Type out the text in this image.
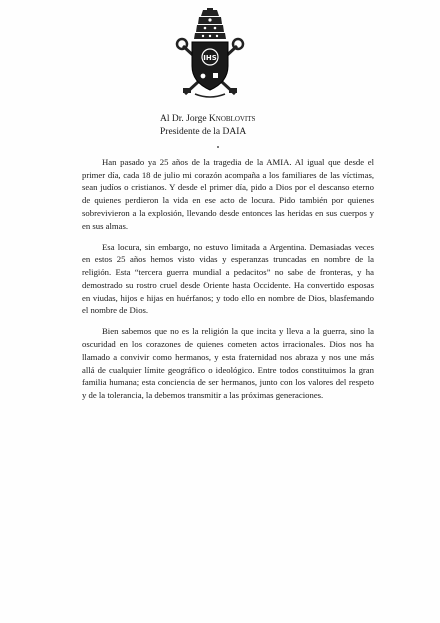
IHS
Al Dr. Jorge Knoblovits
Presidente de la DAIA

Han pasado ya 25 años de la tragedia de la AMIA. Al igual que desde el primer día, cada 18 de julio mi corazón acompaña a los familiares de las víctimas, sean judíos o cristianos. Y desde el primer día, pido a Dios por el descanso eterno de quienes perdieron la vida en ese acto de locura. Pido también por quienes sobrevivieron a la explosión, llevando desde entonces las heridas en sus cuerpos y en sus almas.

Esa locura, sin embargo, no estuvo limitada a Argentina. Demasiadas veces en estos 25 años hemos visto vidas y esperanzas truncadas en nombre de la religión. Esta “tercera guerra mundial a pedacitos” no sabe de fronteras, y ha demostrado su rostro cruel desde Oriente hasta Occidente. Ha convertido esposas en viudas, hijos e hijas en huérfanos; y todo ello en nombre de Dios, blasfemando el nombre de Dios.

Bien sabemos que no es la religión la que incita y lleva a la guerra, sino la oscuridad en los corazones de quienes cometen actos irracionales. Dios nos ha llamado a convivir como hermanos, y esta fraternidad nos abraza y nos une más allá de cualquier límite geográfico o ideológico. Entre todos constituimos la gran familia humana; esta conciencia de ser hermanos, junto con los valores del respeto y de la tolerancia, la debemos transmitir a las próximas generaciones.
